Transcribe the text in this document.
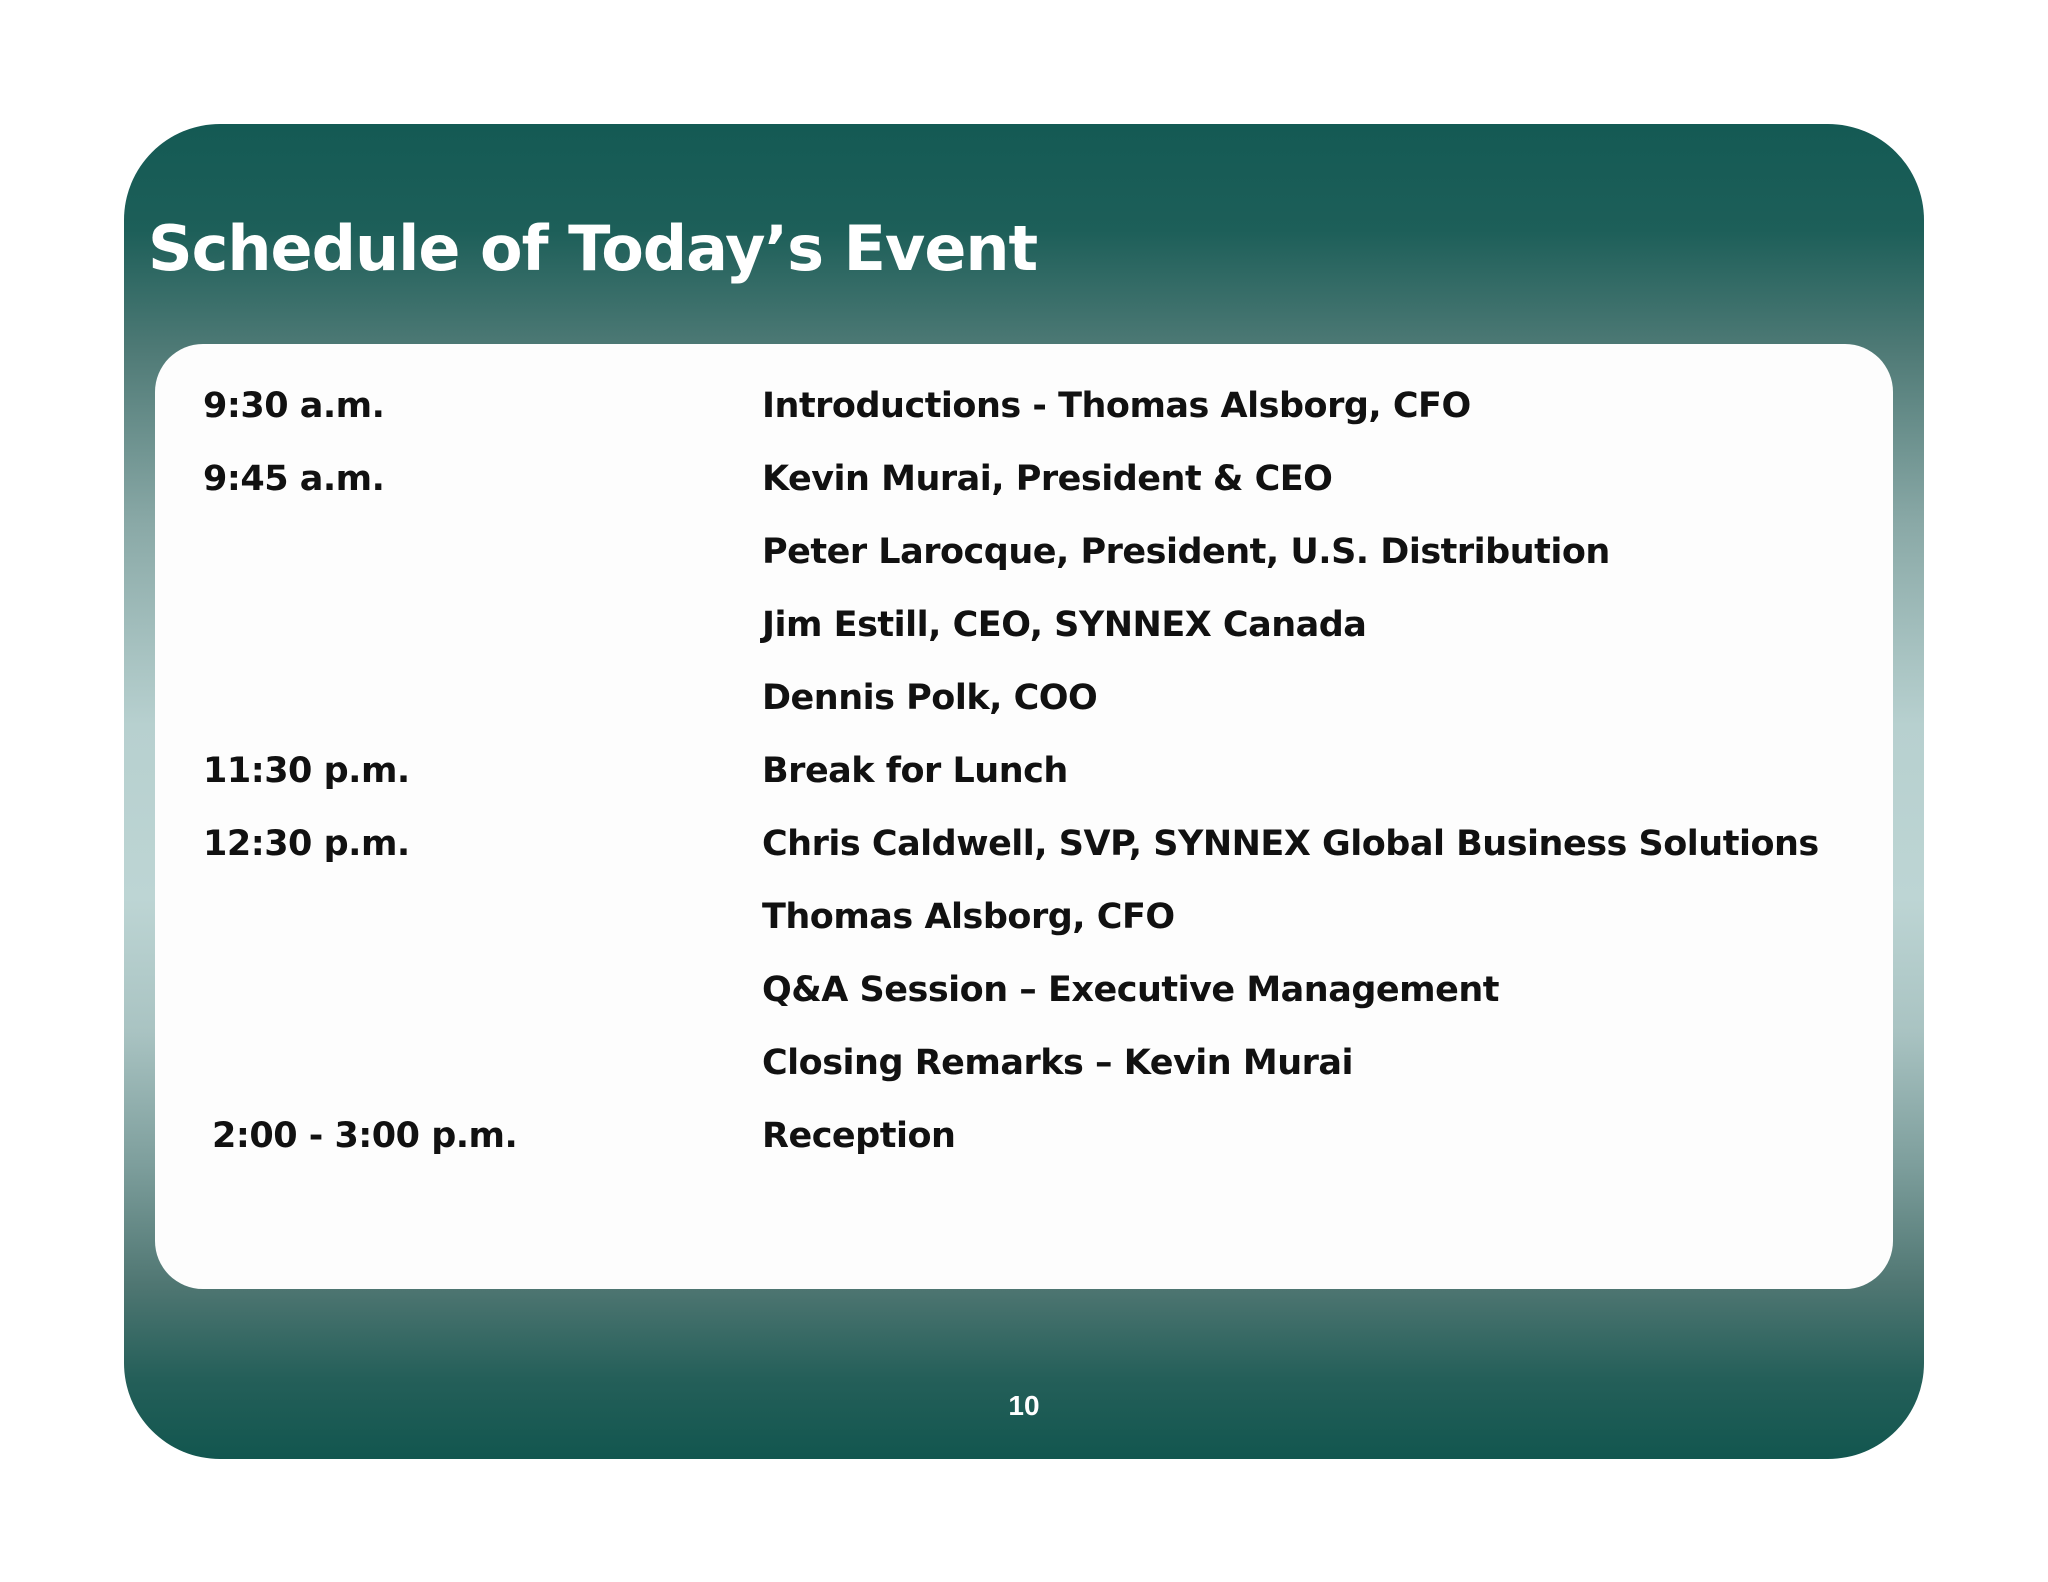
Schedule of Today’s Event
9:30 a.m.	Introductions - Thomas Alsborg, CFO
9:45 a.m.	Kevin Murai, President & CEO
Peter Larocque, President, U.S. Distribution
Jim Estill, CEO, SYNNEX Canada
Dennis Polk, COO
11:30 p.m.	Break for Lunch
12:30 p.m.	Chris Caldwell, SVP, SYNNEX Global Business Solutions
Thomas Alsborg, CFO
Q&A Session – Executive Management
Closing Remarks – Kevin Murai
2:00 - 3:00 p.m.	Reception
10
